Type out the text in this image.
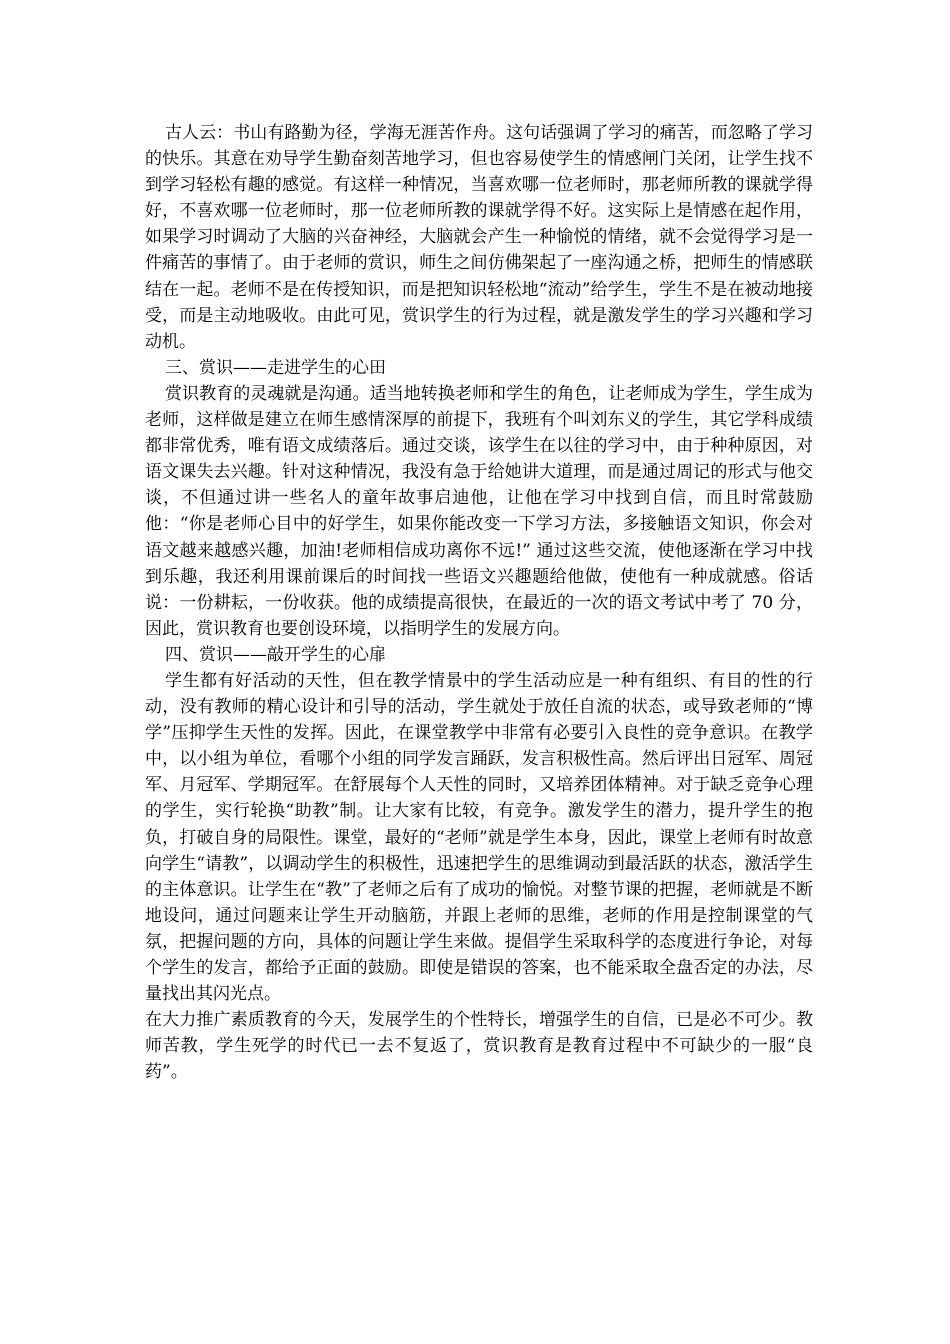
古人云：书山有路勤为径，学海无涯苦作舟。这句话强调了学习的痛苦，而忽略了学习的快乐。其意在劝导学生勤奋刻苦地学习，但也容易使学生的情感闸门关闭，让学生找不到学习轻松有趣的感觉。有这样一种情况，当喜欢哪一位老师时，那老师所教的课就学得好，不喜欢哪一位老师时，那一位老师所教的课就学得不好。这实际上是情感在起作用，如果学习时调动了大脑的兴奋神经，大脑就会产生一种愉悦的情绪，就不会觉得学习是一件痛苦的事情了。由于老师的赏识，师生之间仿佛架起了一座沟通之桥，把师生的情感联结在一起。老师不是在传授知识，而是把知识轻松地“流动”给学生，学生不是在被动地接受，而是主动地吸收。由此可见，赏识学生的行为过程，就是激发学生的学习兴趣和学习动机。

三、赏识——走进学生的心田

赏识教育的灵魂就是沟通。适当地转换老师和学生的角色，让老师成为学生，学生成为老师，这样做是建立在师生感情深厚的前提下，我班有个叫刘东义的学生，其它学科成绩都非常优秀，唯有语文成绩落后。通过交谈，该学生在以往的学习中，由于种种原因，对语文课失去兴趣。针对这种情况，我没有急于给她讲大道理，而是通过周记的形式与他交谈，不但通过讲一些名人的童年故事启迪他，让他在学习中找到自信，而且时常鼓励他：“你是老师心目中的好学生，如果你能改变一下学习方法，多接触语文知识，你会对语文越来越感兴趣，加油!老师相信成功离你不远!” 通过这些交流，使他逐渐在学习中找到乐趣，我还利用课前课后的时间找一些语文兴趣题给他做，使他有一种成就感。俗话说：一份耕耘，一份收获。他的成绩提高很快，在最近的一次的语文考试中考了 70 分， 因此，赏识教育也要创设环境，以指明学生的发展方向。

四、赏识——敲开学生的心扉

学生都有好活动的天性，但在教学情景中的学生活动应是一种有组织、有目的性的行动，没有教师的精心设计和引导的活动，学生就处于放任自流的状态，或导致老师的“博学”压抑学生天性的发挥。因此，在课堂教学中非常有必要引入良性的竞争意识。在教学中，以小组为单位，看哪个小组的同学发言踊跃，发言积极性高。然后评出日冠军、周冠军、月冠军、学期冠军。在舒展每个人天性的同时，又培养团体精神。对于缺乏竞争心理的学生，实行轮换“助教”制。让大家有比较，有竞争。激发学生的潜力，提升学生的抱负，打破自身的局限性。课堂，最好的“老师”就是学生本身，因此，课堂上老师有时故意向学生“请教”，以调动学生的积极性，迅速把学生的思维调动到最活跃的状态，激活学生的主体意识。让学生在“教”了老师之后有了成功的愉悦。对整节课的把握，老师就是不断地设问，通过问题来让学生开动脑筋，并跟上老师的思维，老师的作用是控制课堂的气氛，把握问题的方向，具体的问题让学生来做。提倡学生采取科学的态度进行争论，对每个学生的发言，都给予正面的鼓励。即使是错误的答案，也不能采取全盘否定的办法，尽量找出其闪光点。

在大力推广素质教育的今天，发展学生的个性特长，增强学生的自信，已是必不可少。教师苦教，学生死学的时代已一去不复返了，赏识教育是教育过程中不可缺少的一服“良药”。
